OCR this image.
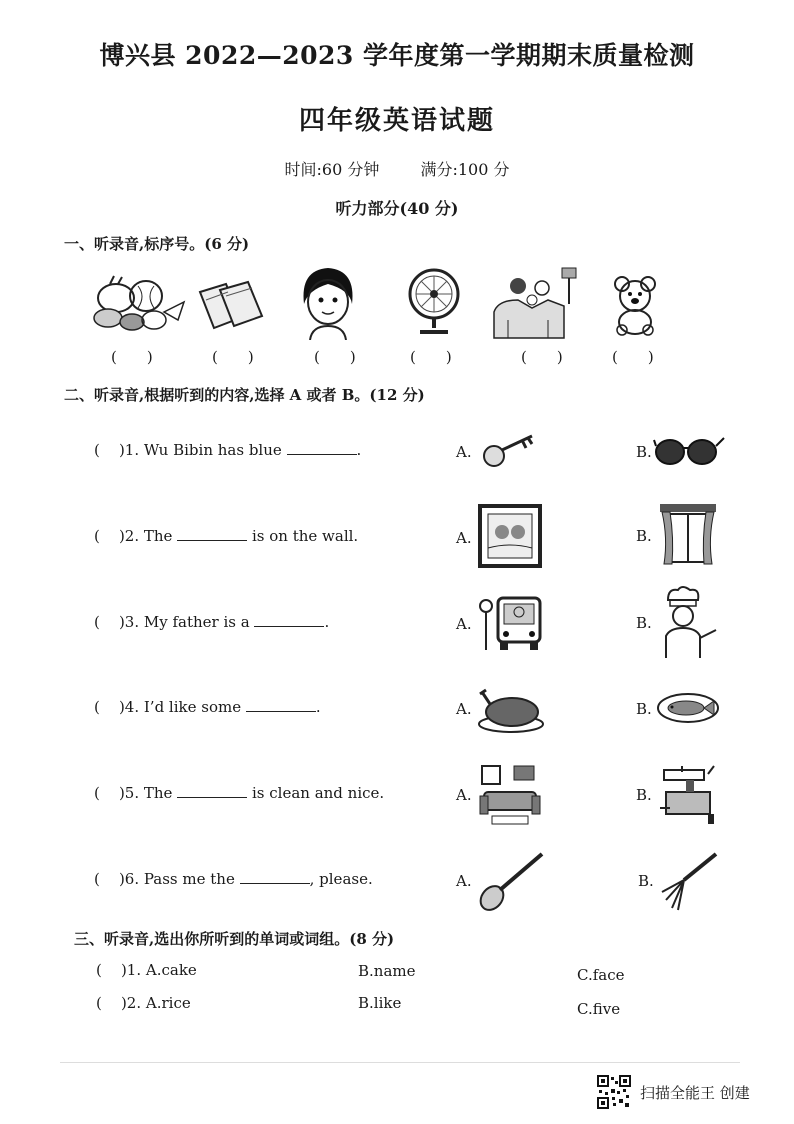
博兴县 2022—2023 学年度第一学期期末质量检测
四年级英语试题
时间:60 分钟	满分:100 分
听力部分(40 分)
一、听录音,标序号。(6 分)
(　　)	(　　)	(　　)	(　　)	(　　)	(　　)
二、听录音,根据听到的内容,选择 A 或者 B。(12 分)
( )1. Wu Bibin has blue	.	A.	B.
( )2. The	is on the wall.	A.	B.
( )3. My father is a	.	A.	B.
( )4. I’d like some	.	A.	B.
( )5. The	is clean and nice.	A.	B.
( )6. Pass me the	, please.	A.	B.
三、听录音,选出你所听到的单词或词组。(8 分)
( )1. A.cake	B.name	C.face
( )2. A.rice	B.like	C.five
扫描全能王 创建
